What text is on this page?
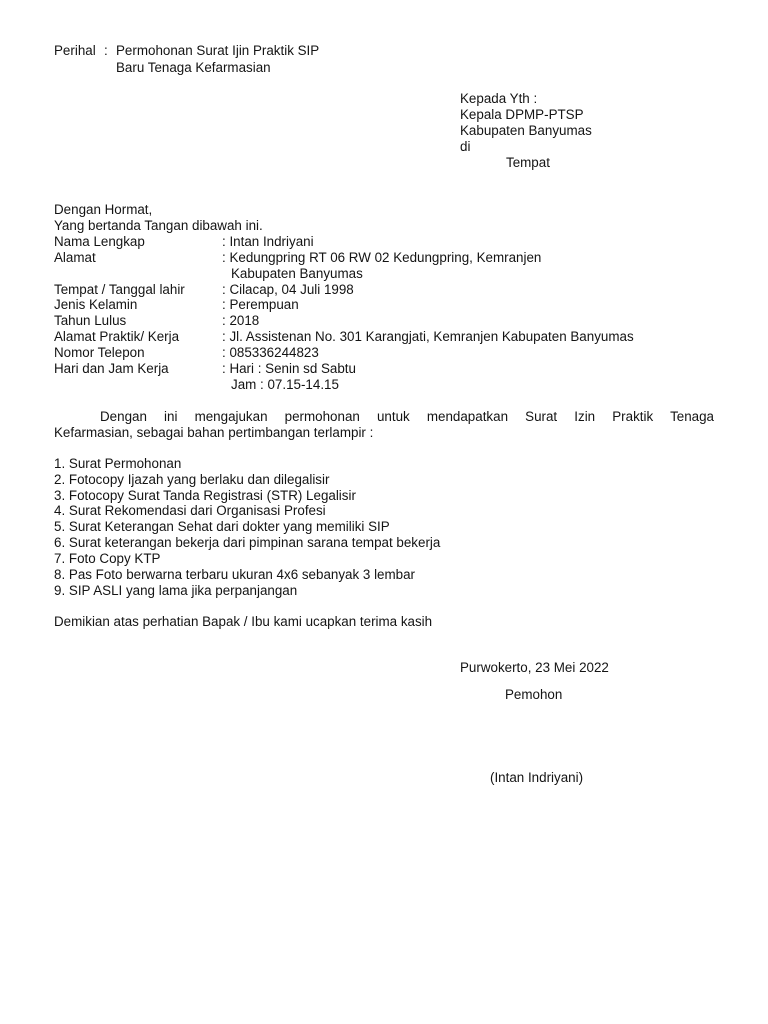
Perihal : Permohonan Surat Ijin Praktik SIP
Baru Tenaga Kefarmasian
Kepada Yth :
Kepala DPMP-PTSP
Kabupaten Banyumas
di
Tempat
Dengan Hormat,
Yang bertanda Tangan dibawah ini.
Nama Lengkap	: Intan Indriyani
Alamat	: Kedungpring RT 06 RW 02 Kedungpring, Kemranjen
Kabupaten Banyumas
Tempat / Tanggal lahir	: Cilacap, 04 Juli 1998
Jenis Kelamin	: Perempuan
Tahun Lulus	: 2018
Alamat Praktik/ Kerja	: Jl. Assistenan No. 301 Karangjati, Kemranjen Kabupaten Banyumas
Nomor Telepon	: 085336244823
Hari dan Jam Kerja	: Hari : Senin sd Sabtu
Jam : 07.15-14.15
Dengan ini mengajukan permohonan untuk mendapatkan Surat Izin Praktik Tenaga
Kefarmasian, sebagai bahan pertimbangan terlampir :
1. Surat Permohonan
2. Fotocopy Ijazah yang berlaku dan dilegalisir
3. Fotocopy Surat Tanda Registrasi (STR) Legalisir
4. Surat Rekomendasi dari Organisasi Profesi
5. Surat Keterangan Sehat dari dokter yang memiliki SIP
6. Surat keterangan bekerja dari pimpinan sarana tempat bekerja
7. Foto Copy KTP
8. Pas Foto berwarna terbaru ukuran 4x6 sebanyak 3 lembar
9. SIP ASLI yang lama jika perpanjangan
Demikian atas perhatian Bapak / Ibu kami ucapkan terima kasih
Purwokerto, 23 Mei 2022
Pemohon
(Intan Indriyani)
